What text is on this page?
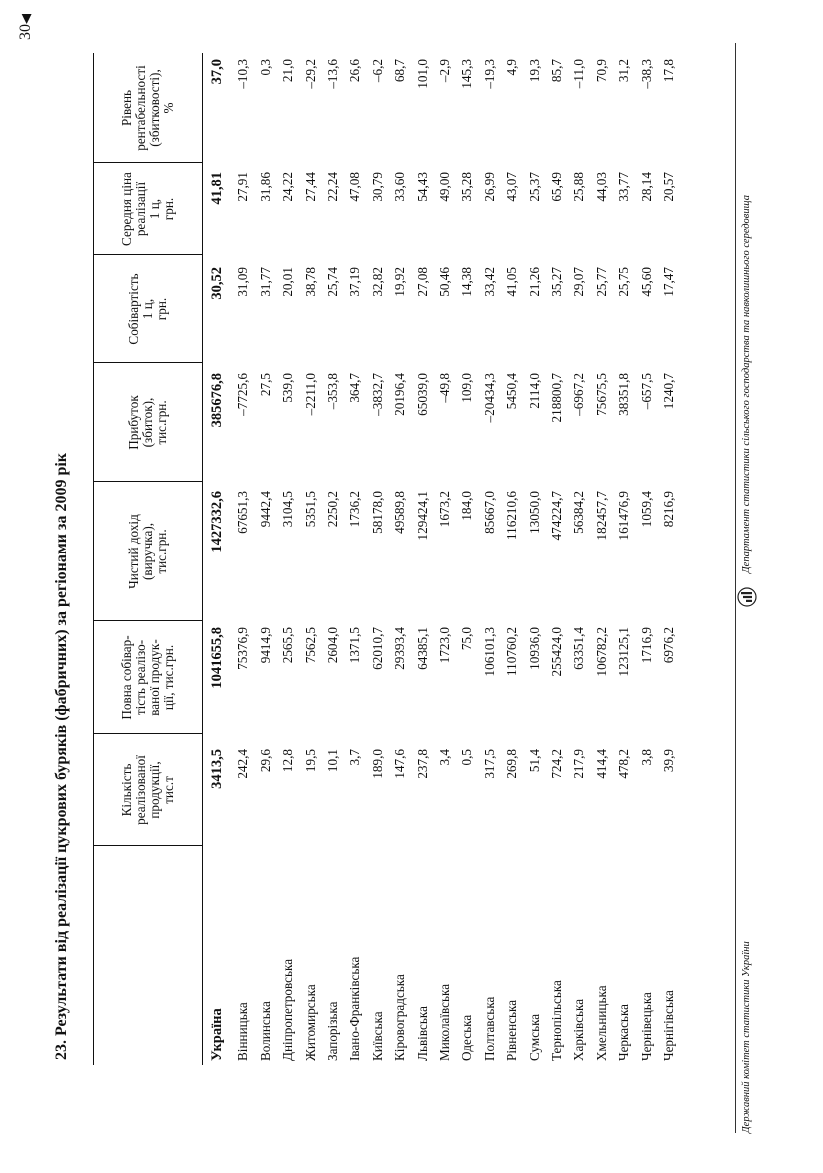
30◀
23. Результати від реалізації цукрових буряків (фабричних) за регіонами за 2009 рік	Кількість реалізованої продукції, тис.т
Повна собівар- тість реалізо- ваної продук- ції, тис.грн.
Чистий дохід (виручка), тис.грн.
Прибуток (збиток), тис.грн.
Собівартість 1 ц, грн.
Середня ціна реалізації 1 ц, грн.
Рівень рентабельності (збитковості), %
Україна
3413,5
1041655,8
1427332,6
385676,8
30,52
41,81
37,0
Вінницька
242,4
75376,9
67651,3
–7725,6
31,09
27,91
–10,3
Волинська
29,6
9414,9
9442,4
27,5
31,77
31,86
0,3
Дніпропетровська
12,8
2565,5
3104,5
539,0
20,01
24,22
21,0
Житомирська
19,5
7562,5
5351,5
–2211,0
38,78
27,44
–29,2
Запорізька
10,1
2604,0
2250,2
–353,8
25,74
22,24
–13,6
Івано-Франківська
3,7
1371,5
1736,2
364,7
37,19
47,08
26,6
Київська
189,0
62010,7
58178,0
–3832,7
32,82
30,79
–6,2
Кіровоградська
147,6
29393,4
49589,8
20196,4
19,92
33,60
68,7
Львівська
237,8
64385,1
129424,1
65039,0
27,08
54,43
101,0
Миколаївська
3,4
1723,0
1673,2
–49,8
50,46
49,00
–2,9
Одеська
0,5
75,0
184,0
109,0
14,38
35,28
145,3
Полтавська
317,5
106101,3
85667,0
–20434,3
33,42
26,99
–19,3
Рівненська
269,8
110760,2
116210,6
5450,4
41,05
43,07
4,9
Сумська
51,4
10936,0
13050,0
2114,0
21,26
25,37
19,3
Тернопільська
724,2
255424,0
474224,7
218800,7
35,27
65,49
85,7
Харківська
217,9
63351,4
56384,2
–6967,2
29,07
25,88
–11,0
Хмельницька
414,4
106782,2
182457,7
75675,5
25,77
44,03
70,9
Черкаська
478,2
123125,1
161476,9
38351,8
25,75
33,77
31,2
Чернівецька
3,8
1716,9
1059,4
–657,5
45,60
28,14
–38,3
Чернігівська
39,9
6976,2
8216,9
1240,7
17,47
20,57
17,8
Державний комітет статистики України
Департамент статистики сільського господарства та навколишнього середовища
